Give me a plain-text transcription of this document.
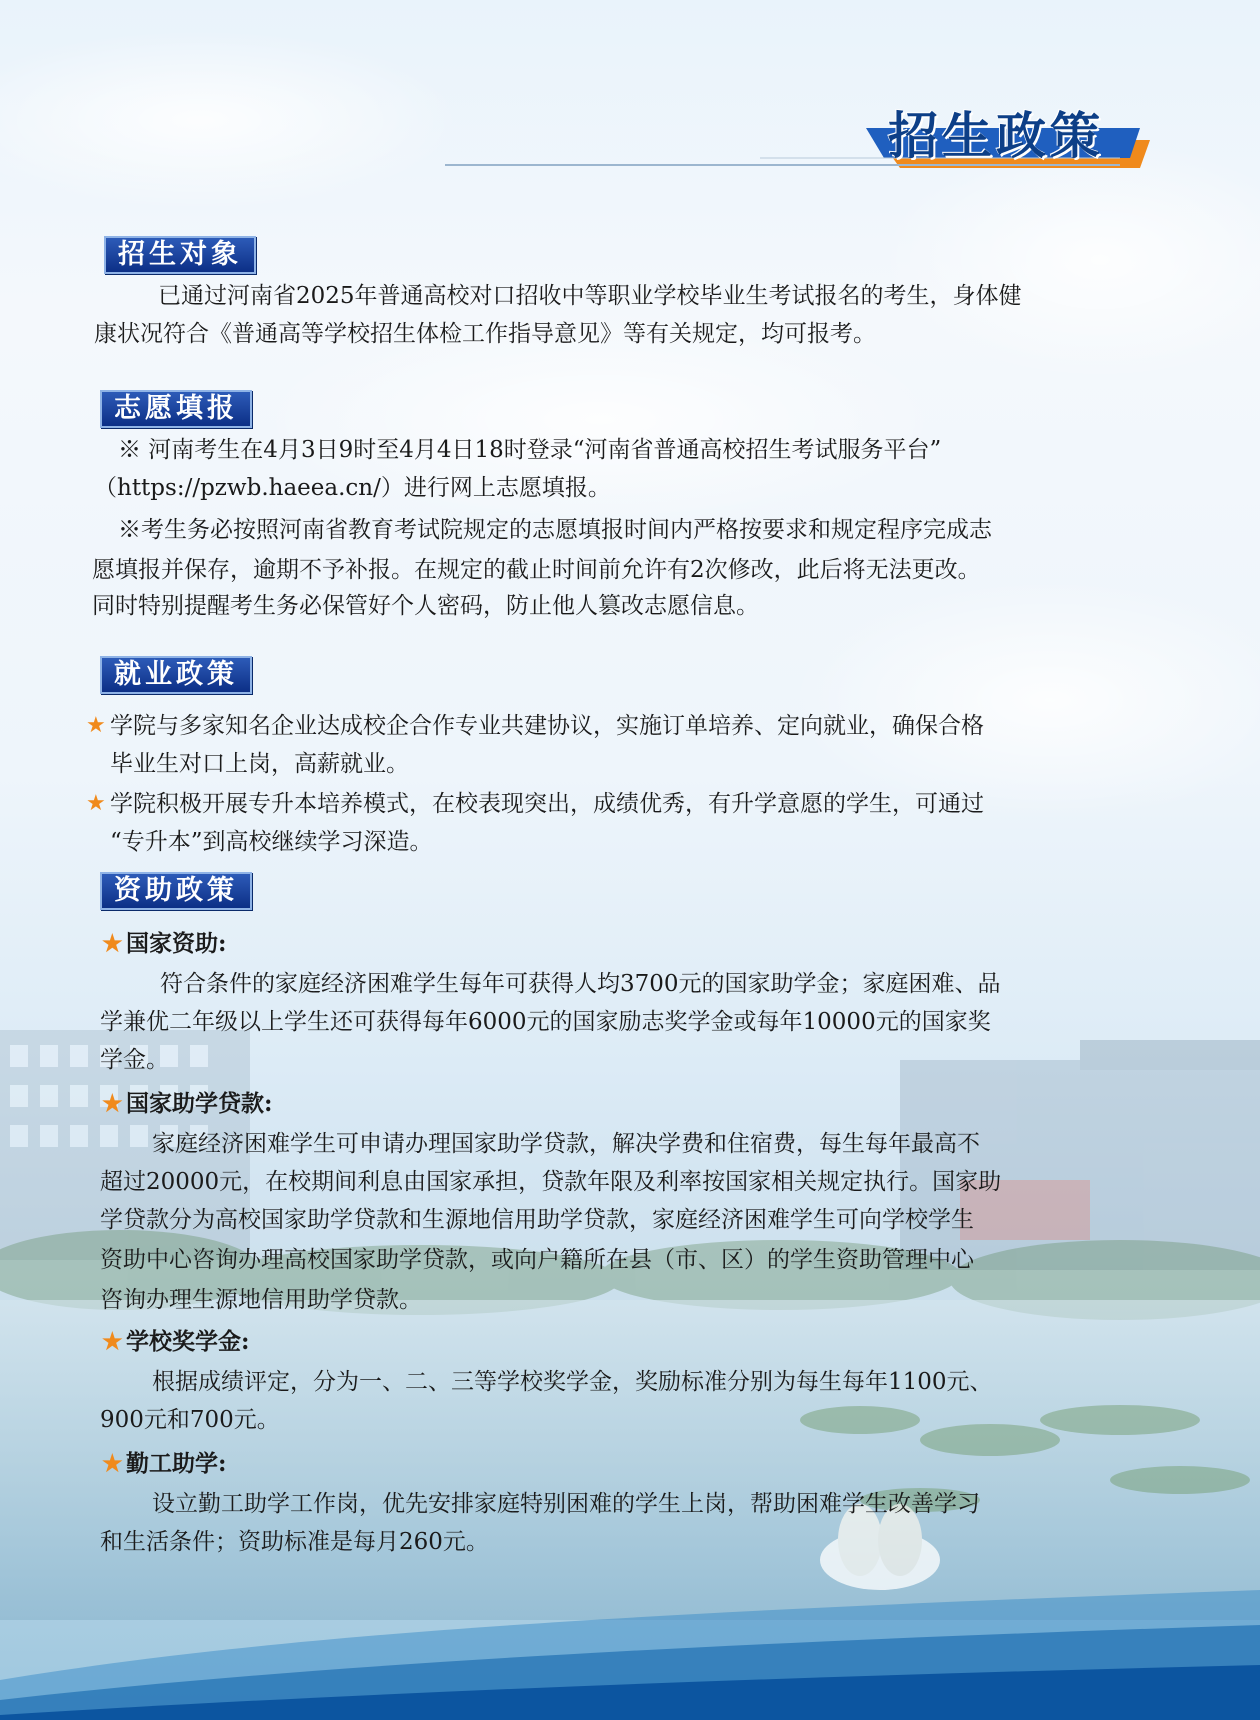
招生政策
招生对象

已通过河南省2025年普通高校对口招收中等职业学校毕业生考试报名的考生，身体健

康状况符合《普通高等学校招生体检工作指导意见》等有关规定，均可报考。

志愿填报

※ 河南考生在4月3日9时至4月4日18时登录“河南省普通高校招生考试服务平台”

（https://pzwb.haeea.cn/）进行网上志愿填报。

※考生务必按照河南省教育考试院规定的志愿填报时间内严格按要求和规定程序完成志

愿填报并保存，逾期不予补报。在规定的截止时间前允许有2次修改，此后将无法更改。

同时特别提醒考生务必保管好个人密码，防止他人篡改志愿信息。

就业政策
★ 学院与多家知名企业达成校企合作专业共建协议，实施订单培养、定向就业，确保合格

毕业生对口上岗，高薪就业。

★ 学院积极开展专升本培养模式，在校表现突出，成绩优秀，有升学意愿的学生，可通过

“专升本”到高校继续学习深造。

资助政策
★ 国家资助:

符合条件的家庭经济困难学生每年可获得人均3700元的国家助学金；家庭困难、品

学兼优二年级以上学生还可获得每年6000元的国家励志奖学金或每年10000元的国家奖

学金。

★ 国家助学贷款:

家庭经济困难学生可申请办理国家助学贷款，解决学费和住宿费，每生每年最高不

超过20000元，在校期间利息由国家承担，贷款年限及利率按国家相关规定执行。国家助

学贷款分为高校国家助学贷款和生源地信用助学贷款，家庭经济困难学生可向学校学生

资助中心咨询办理高校国家助学贷款，或向户籍所在县（市、区）的学生资助管理中心

咨询办理生源地信用助学贷款。

★ 学校奖学金:

根据成绩评定，分为一、二、三等学校奖学金，奖励标准分别为每生每年1100元、

900元和700元。

★ 勤工助学:

设立勤工助学工作岗，优先安排家庭特别困难的学生上岗，帮助困难学生改善学习

和生活条件；资助标准是每月260元。
